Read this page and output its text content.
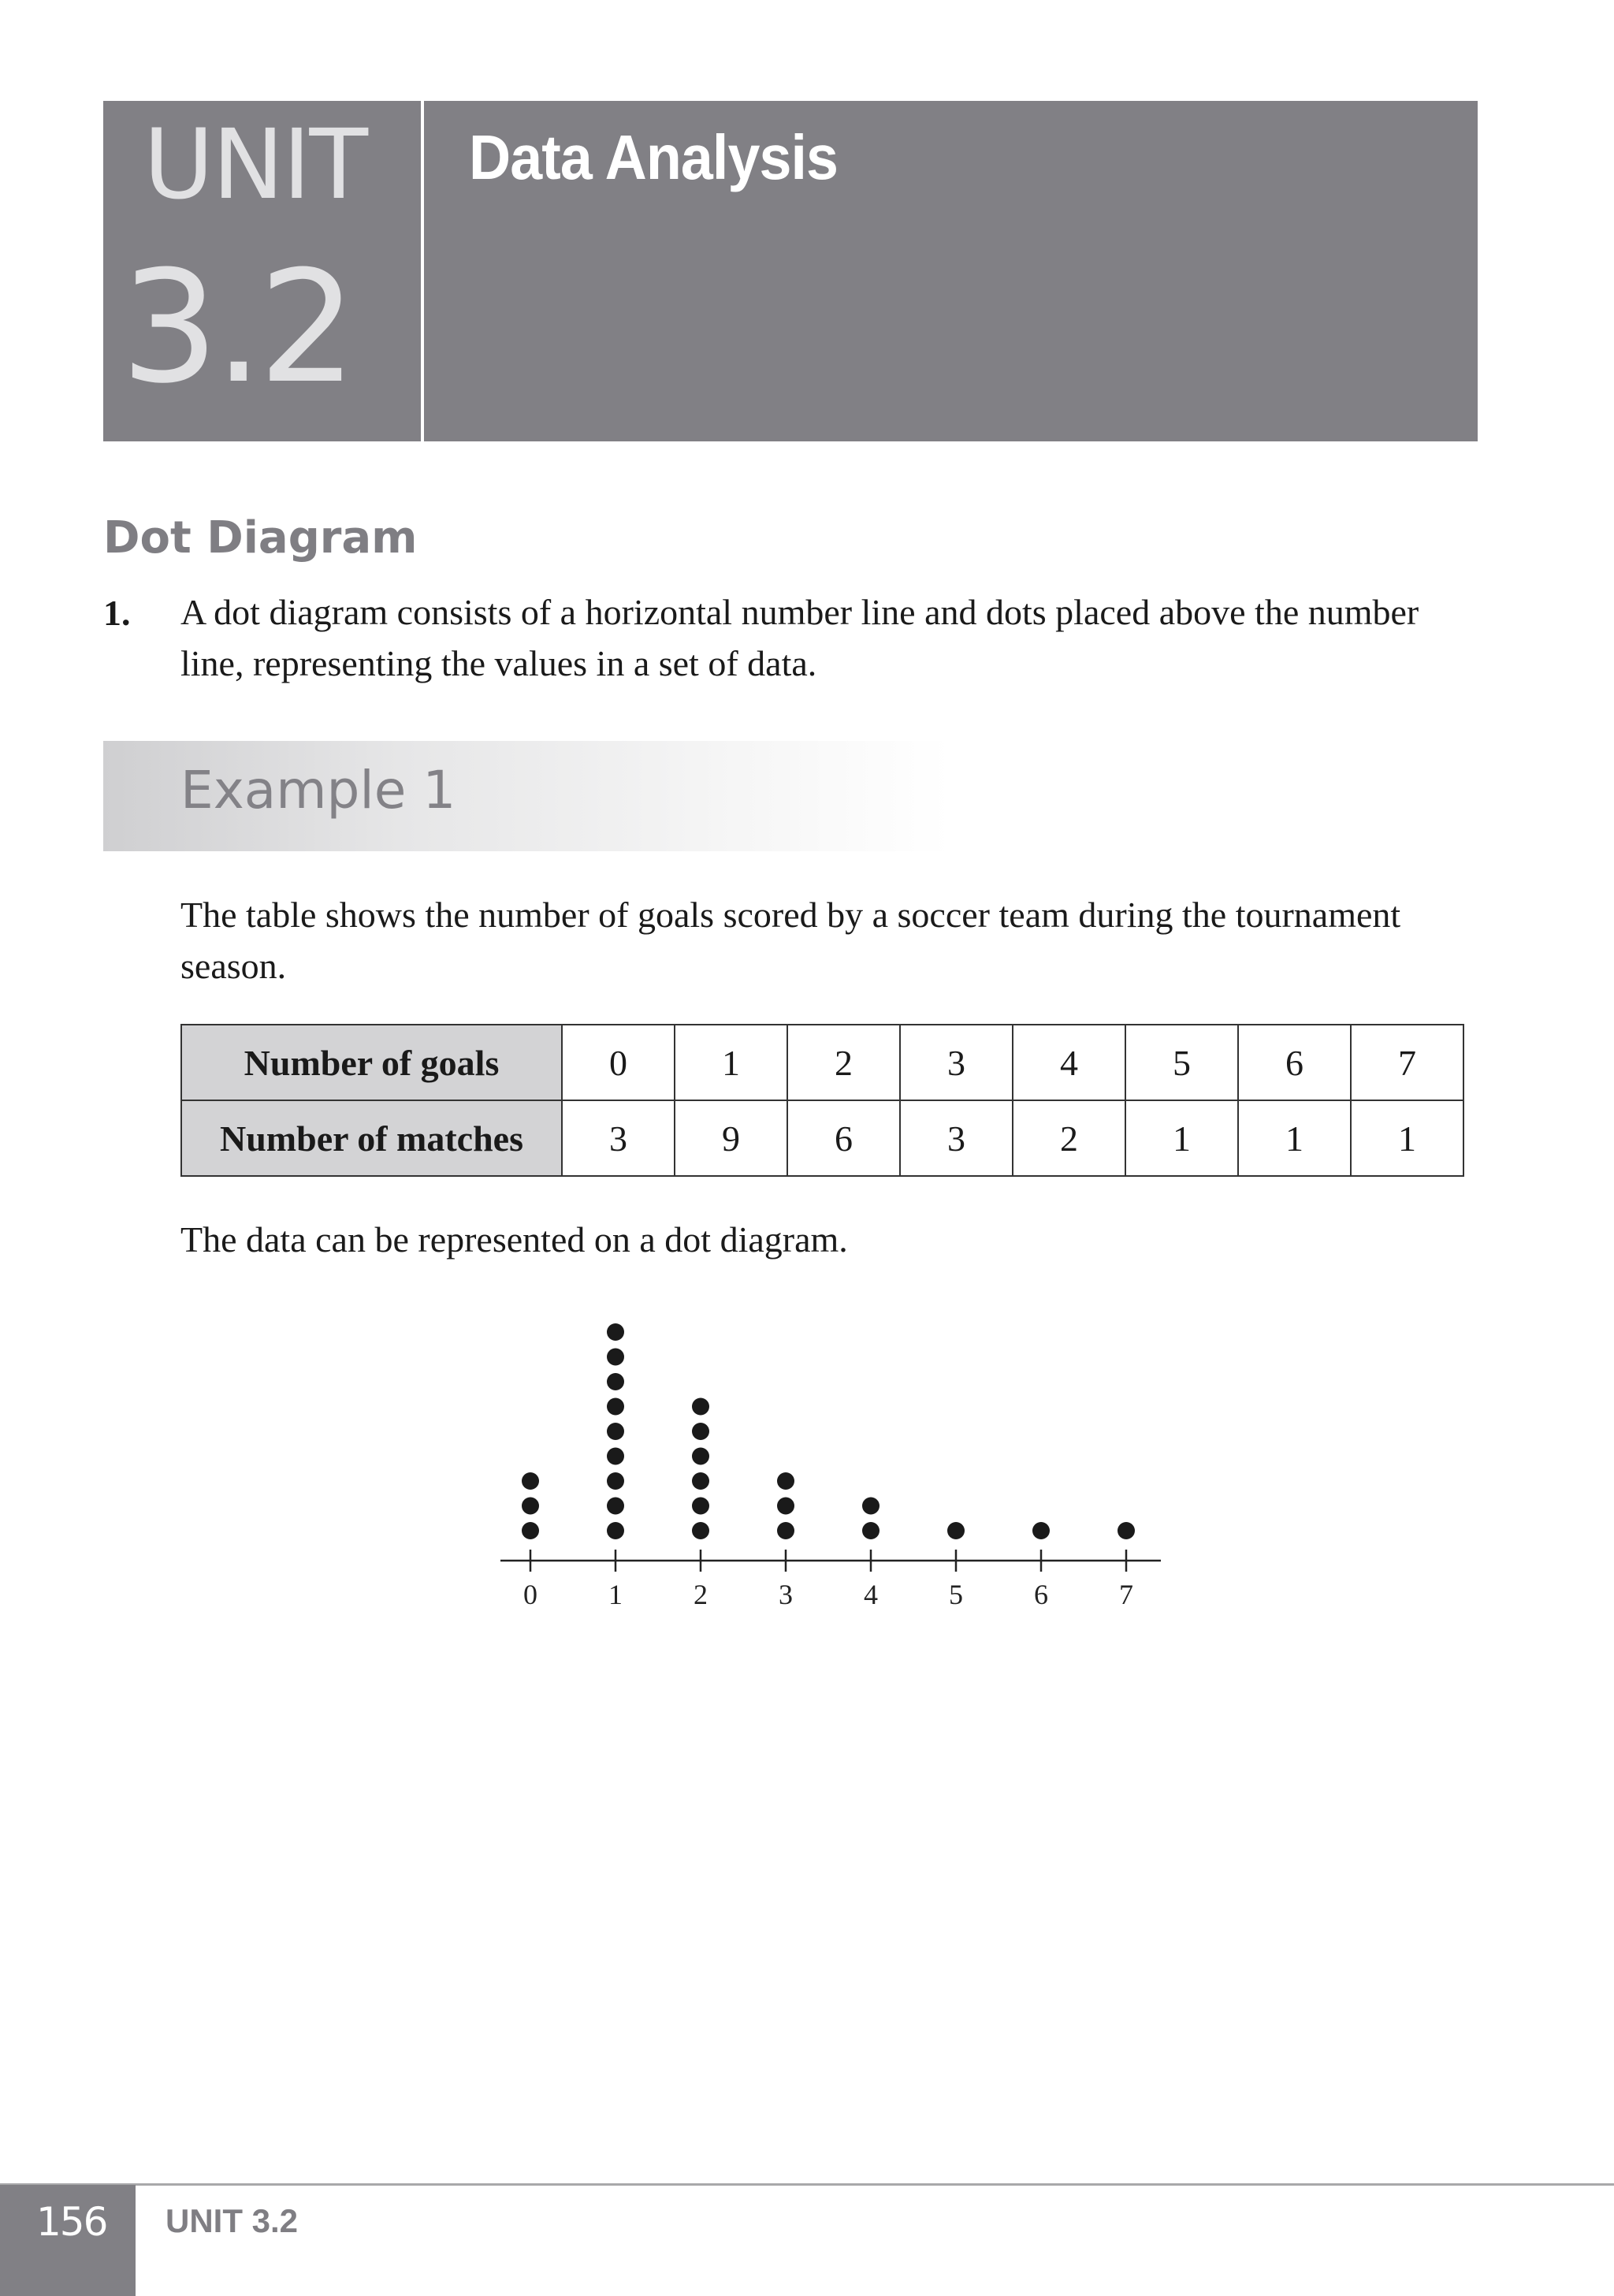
UNIT
3.2
Data Analysis
Dot Diagram
1. A dot diagram consists of a horizontal number line and dots placed above the number line, representing the values in a set of data.
Example 1
The table shows the number of goals scored by a soccer team during the tournament season.
Number of goals	0	1	2	3	4	5	6	7
Number of matches	3	9	6	3	2	1	1	1
The data can be represented on a dot diagram.
0	1	2	3	4	5	6	7
156 UNIT 3.2
